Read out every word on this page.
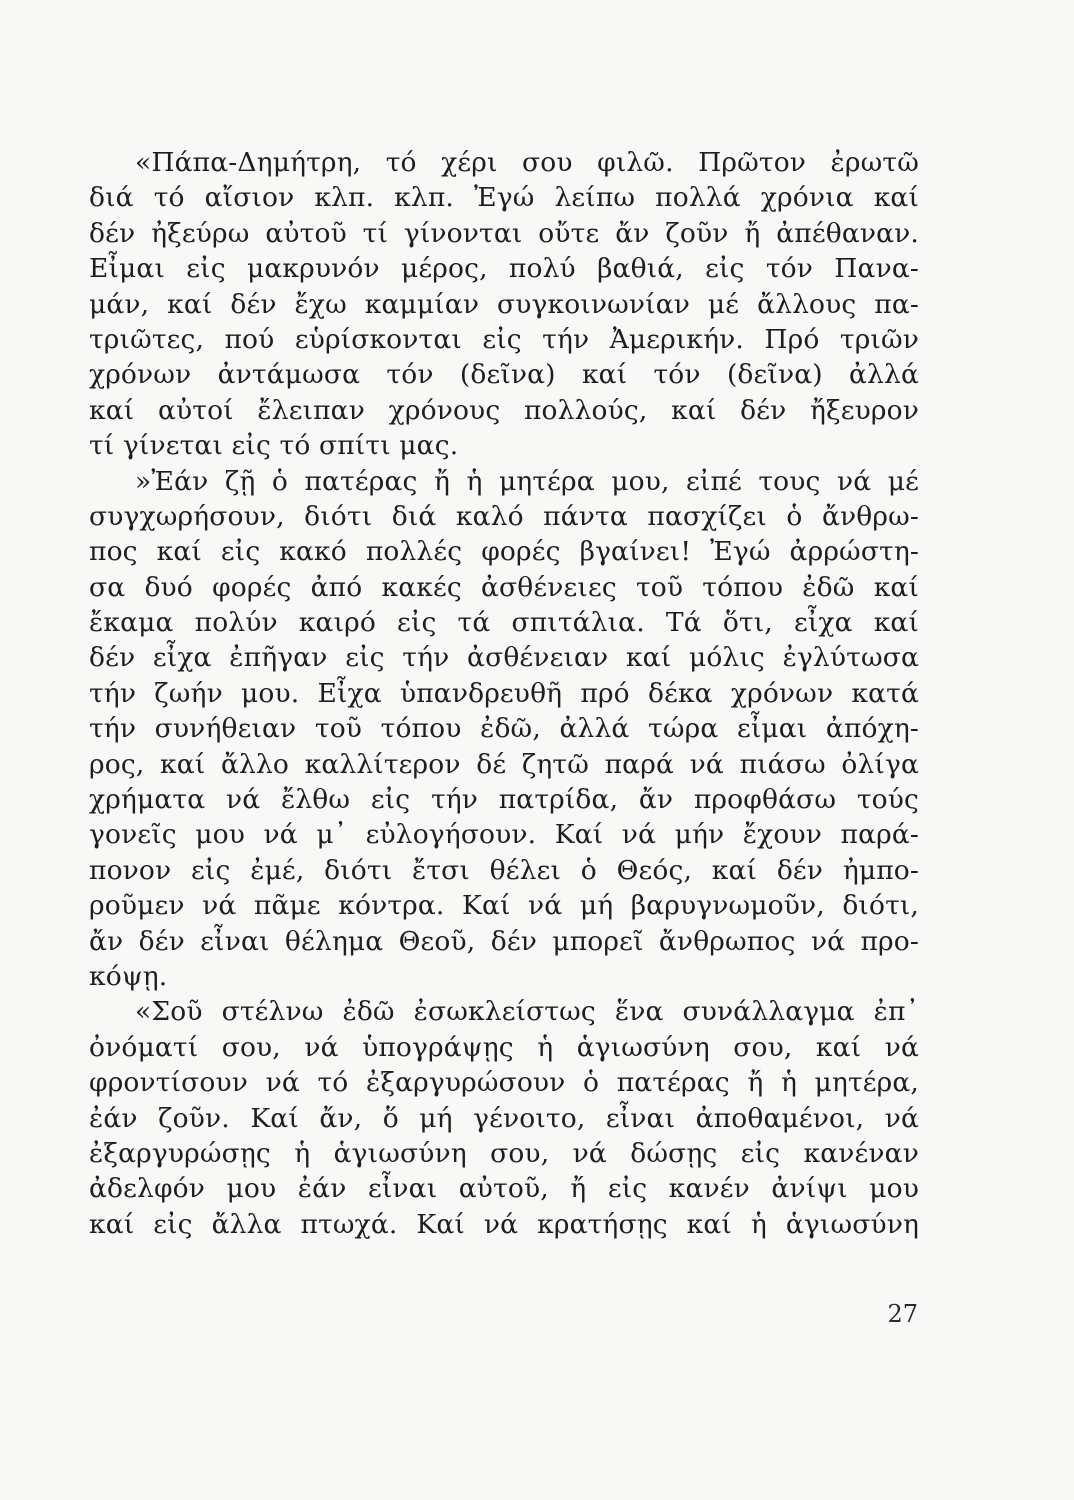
«Πάπα-Δημήτρη, τό χέρι σου φιλῶ. Πρῶτον ἐρωτῶ
διά τό αἴσιον κλπ. κλπ. Ἐγώ λείπω πολλά χρόνια καί
δέν ἠξεύρω αὐτοῦ τί γίνονται οὔτε ἄν ζοῦν ἤ ἀπέθαναν.
Εἶμαι εἰς μακρυνόν μέρος, πολύ βαθιά, εἰς τόν Πανα-
μάν, καί δέν ἔχω καμμίαν συγκοινωνίαν μέ ἄλλους πα-
τριῶτες, πού εὑρίσκονται εἰς τήν Ἀμερικήν. Πρό τριῶν
χρόνων ἀντάμωσα τόν (δεῖνα) καί τόν (δεῖνα) ἀλλά
καί αὐτοί ἔλειπαν χρόνους πολλούς, καί δέν ἤξευρον
τί γίνεται εἰς τό σπίτι μας.
»Ἐάν ζῇ ὁ πατέρας ἤ ἡ μητέρα μου, εἰπέ τους νά μέ
συγχωρήσουν, διότι διά καλό πάντα πασχίζει ὁ ἄνθρω-
πος καί εἰς κακό πολλές φορές βγαίνει! Ἐγώ ἀρρώστη-
σα δυό φορές ἀπό κακές ἀσθένειες τοῦ τόπου ἐδῶ καί
ἔκαμα πολύν καιρό εἰς τά σπιτάλια. Τά ὅτι, εἶχα καί
δέν εἶχα ἐπῆγαν εἰς τήν ἀσθένειαν καί μόλις ἐγλύτωσα
τήν ζωήν μου. Εἶχα ὑπανδρευθῆ πρό δέκα χρόνων κατά
τήν συνήθειαν τοῦ τόπου ἐδῶ, ἀλλά τώρα εἶμαι ἀπόχη-
ρος, καί ἄλλο καλλίτερον δέ ζητῶ παρά νά πιάσω ὀλίγα
χρήματα νά ἔλθω εἰς τήν πατρίδα, ἄν προφθάσω τούς
γονεῖς μου νά μ᾿ εὐλογήσουν. Καί νά μήν ἔχουν παρά-
πονον εἰς ἐμέ, διότι ἔτσι θέλει ὁ Θεός, καί δέν ἠμπο-
ροῦμεν νά πᾶμε κόντρα. Καί νά μή βαρυγνωμοῦν, διότι,
ἄν δέν εἶναι θέλημα Θεοῦ, δέν μπορεῖ ἄνθρωπος νά προ-
κόψῃ.
«Σοῦ στέλνω ἐδῶ ἐσωκλείστως ἕνα συνάλλαγμα ἐπ᾿
ὀνόματί σου, νά ὑπογράψῃς ἡ ἁγιωσύνη σου, καί νά
φροντίσουν νά τό ἐξαργυρώσουν ὁ πατέρας ἤ ἡ μητέρα,
ἐάν ζοῦν. Καί ἄν, ὅ μή γένοιτο, εἶναι ἀποθαμένοι, νά
ἐξαργυρώσῃς ἡ ἁγιωσύνη σου, νά δώσῃς εἰς κανέναν
ἀδελφόν μου ἐάν εἶναι αὐτοῦ, ἤ εἰς κανέν ἀνίψι μου
καί εἰς ἄλλα πτωχά. Καί νά κρατήσῃς καί ἡ ἁγιωσύνη
27
